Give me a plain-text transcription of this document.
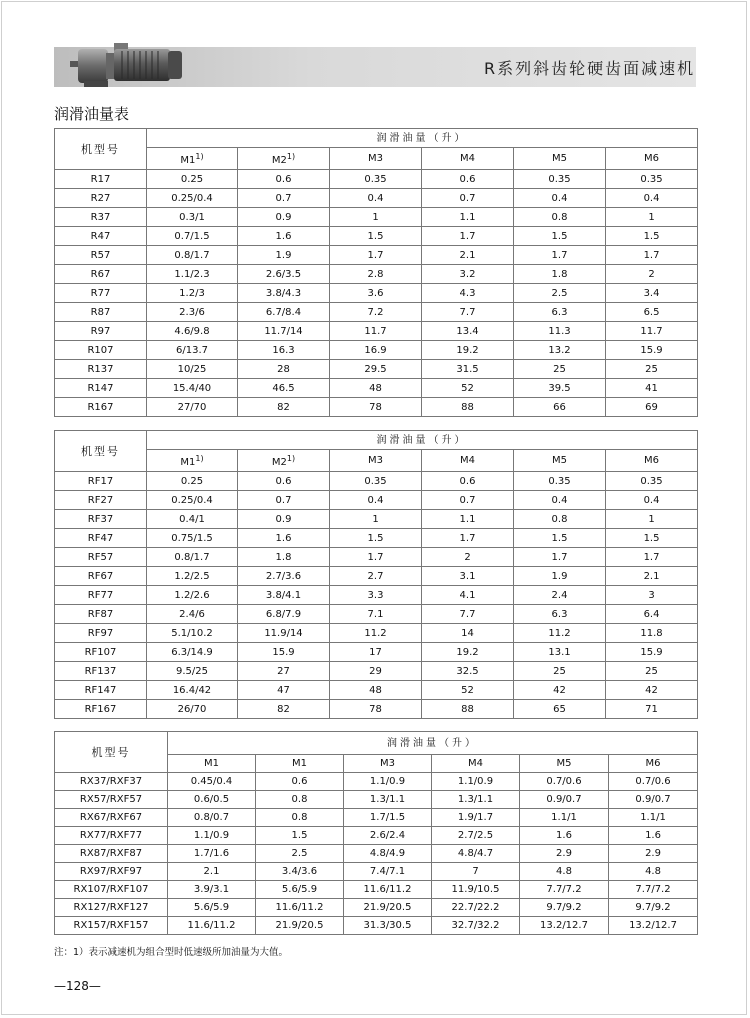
R系列斜齿轮硬齿面减速机
润滑油量表
机型号	润滑油量（升）					
	M1$^{1)}$	M2$^{1)}$	M3	M4	M5	M6
R17	0.25	0.6	0.35	0.6	0.35	0.35
R27	0.25/0.4	0.7	0.4	0.7	0.4	0.4
R37	0.3/1	0.9	1	1.1	0.8	1
R47	0.7/1.5	1.6	1.5	1.7	1.5	1.5
R57	0.8/1.7	1.9	1.7	2.1	1.7	1.7
R67	1.1/2.3	2.6/3.5	2.8	3.2	1.8	2
R77	1.2/3	3.8/4.3	3.6	4.3	2.5	3.4
R87	2.3/6	6.7/8.4	7.2	7.7	6.3	6.5
R97	4.6/9.8	11.7/14	11.7	13.4	11.3	11.7
R107	6/13.7	16.3	16.9	19.2	13.2	15.9
R137	10/25	28	29.5	31.5	25	25
R147	15.4/40	46.5	48	52	39.5	41
R167	27/70	82	78	88	66	69
机型号	润滑油量（升）					
	M1$^{1)}$	M2$^{1)}$	M3	M4	M5	M6
RF17	0.25	0.6	0.35	0.6	0.35	0.35
RF27	0.25/0.4	0.7	0.4	0.7	0.4	0.4
RF37	0.4/1	0.9	1	1.1	0.8	1
RF47	0.75/1.5	1.6	1.5	1.7	1.5	1.5
RF57	0.8/1.7	1.8	1.7	2	1.7	1.7
RF67	1.2/2.5	2.7/3.6	2.7	3.1	1.9	2.1
RF77	1.2/2.6	3.8/4.1	3.3	4.1	2.4	3
RF87	2.4/6	6.8/7.9	7.1	7.7	6.3	6.4
RF97	5.1/10.2	11.9/14	11.2	14	11.2	11.8
RF107	6.3/14.9	15.9	17	19.2	13.1	15.9
RF137	9.5/25	27	29	32.5	25	25
RF147	16.4/42	47	48	52	42	42
RF167	26/70	82	78	88	65	71
机型号	润滑油量（升）					
	M1	M1	M3	M4	M5	M6
RX37/RXF37	0.45/0.4	0.6	1.1/0.9	1.1/0.9	0.7/0.6	0.7/0.6
RX57/RXF57	0.6/0.5	0.8	1.3/1.1	1.3/1.1	0.9/0.7	0.9/0.7
RX67/RXF67	0.8/0.7	0.8	1.7/1.5	1.9/1.7	1.1/1	1.1/1
RX77/RXF77	1.1/0.9	1.5	2.6/2.4	2.7/2.5	1.6	1.6
RX87/RXF87	1.7/1.6	2.5	4.8/4.9	4.8/4.7	2.9	2.9
RX97/RXF97	2.1	3.4/3.6	7.4/7.1	7	4.8	4.8
RX107/RXF107	3.9/3.1	5.6/5.9	11.6/11.2	11.9/10.5	7.7/7.2	7.7/7.2
RX127/RXF127	5.6/5.9	11.6/11.2	21.9/20.5	22.7/22.2	9.7/9.2	9.7/9.2
RX157/RXF157	11.6/11.2	21.9/20.5	31.3/30.5	32.7/32.2	13.2/12.7	13.2/12.7
注：1）表示减速机为组合型时低速级所加油量为大值。
—128—
